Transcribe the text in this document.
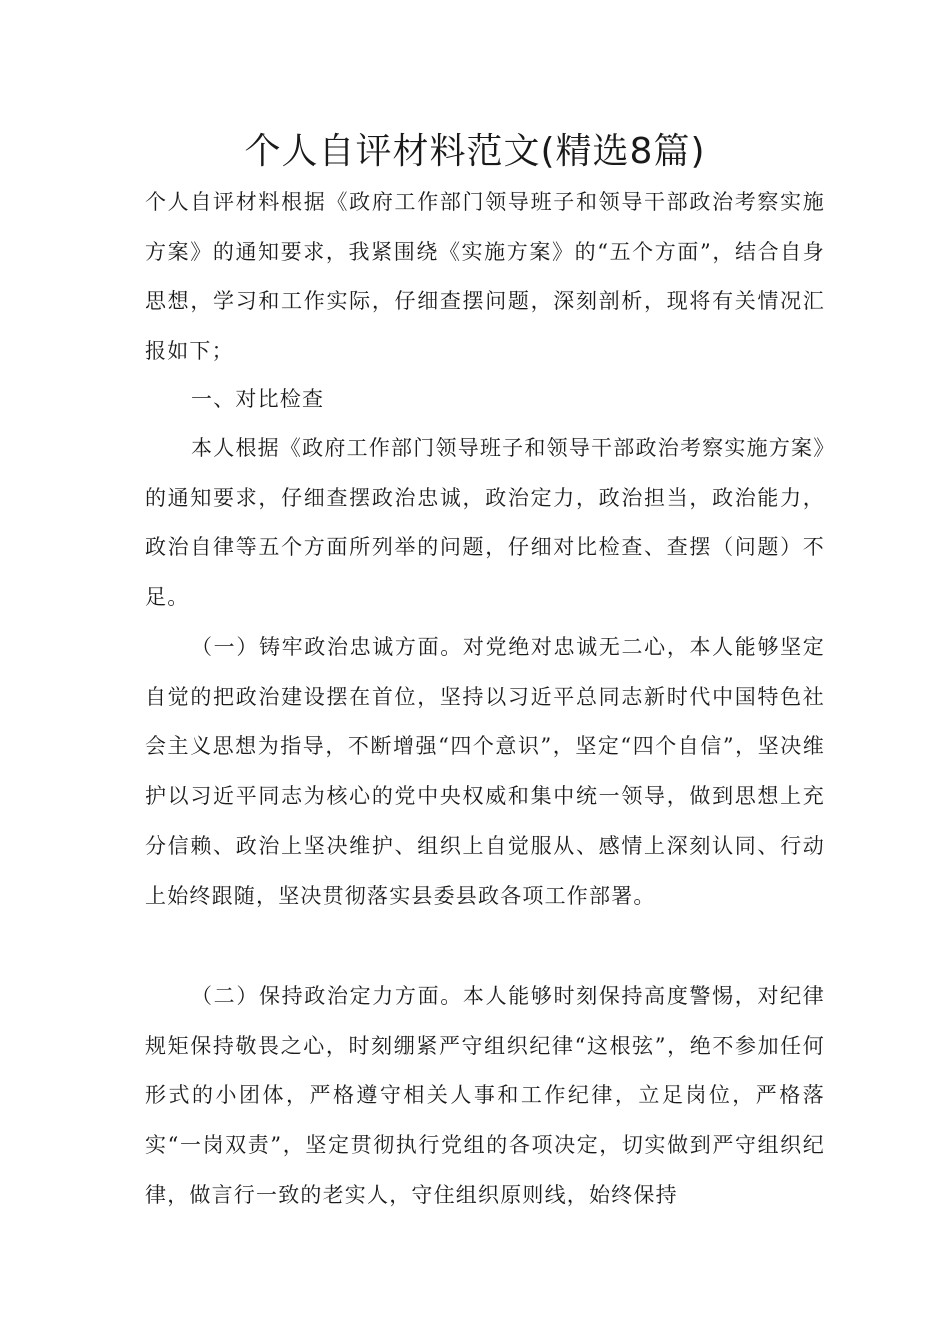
个人自评材料范文(精选8篇)

个人自评材料根据《政府工作部门领导班子和领导干部政治考察实施方案》的通知要求，我紧围绕《实施方案》的“五个方面”，结合自身思想，学习和工作实际，仔细查摆问题，深刻剖析，现将有关情况汇报如下；

一、对比检查

本人根据《政府工作部门领导班子和领导干部政治考察实施方案》的通知要求，仔细查摆政治忠诚，政治定力，政治担当，政治能力，政治自律等五个方面所列举的问题，仔细对比检查、查摆（问题）不足。

（一）铸牢政治忠诚方面。对党绝对忠诚无二心，本人能够坚定自觉的把政治建设摆在首位，坚持以习近平总同志新时代中国特色社会主义思想为指导，不断增强“四个意识”，坚定“四个自信”，坚决维护以习近平同志为核心的党中央权威和集中统一领导，做到思想上充分信赖、政治上坚决维护、组织上自觉服从、感情上深刻认同、行动上始终跟随，坚决贯彻落实县委县政各项工作部署。

（二）保持政治定力方面。本人能够时刻保持高度警惕，对纪律规矩保持敬畏之心，时刻绷紧严守组织纪律“这根弦”，绝不参加任何形式的小团体，严格遵守相关人事和工作纪律，立足岗位，严格落实“一岗双责”，坚定贯彻执行党组的各项决定，切实做到严守组织纪律，做言行一致的老实人，守住组织原则线，始终保持
